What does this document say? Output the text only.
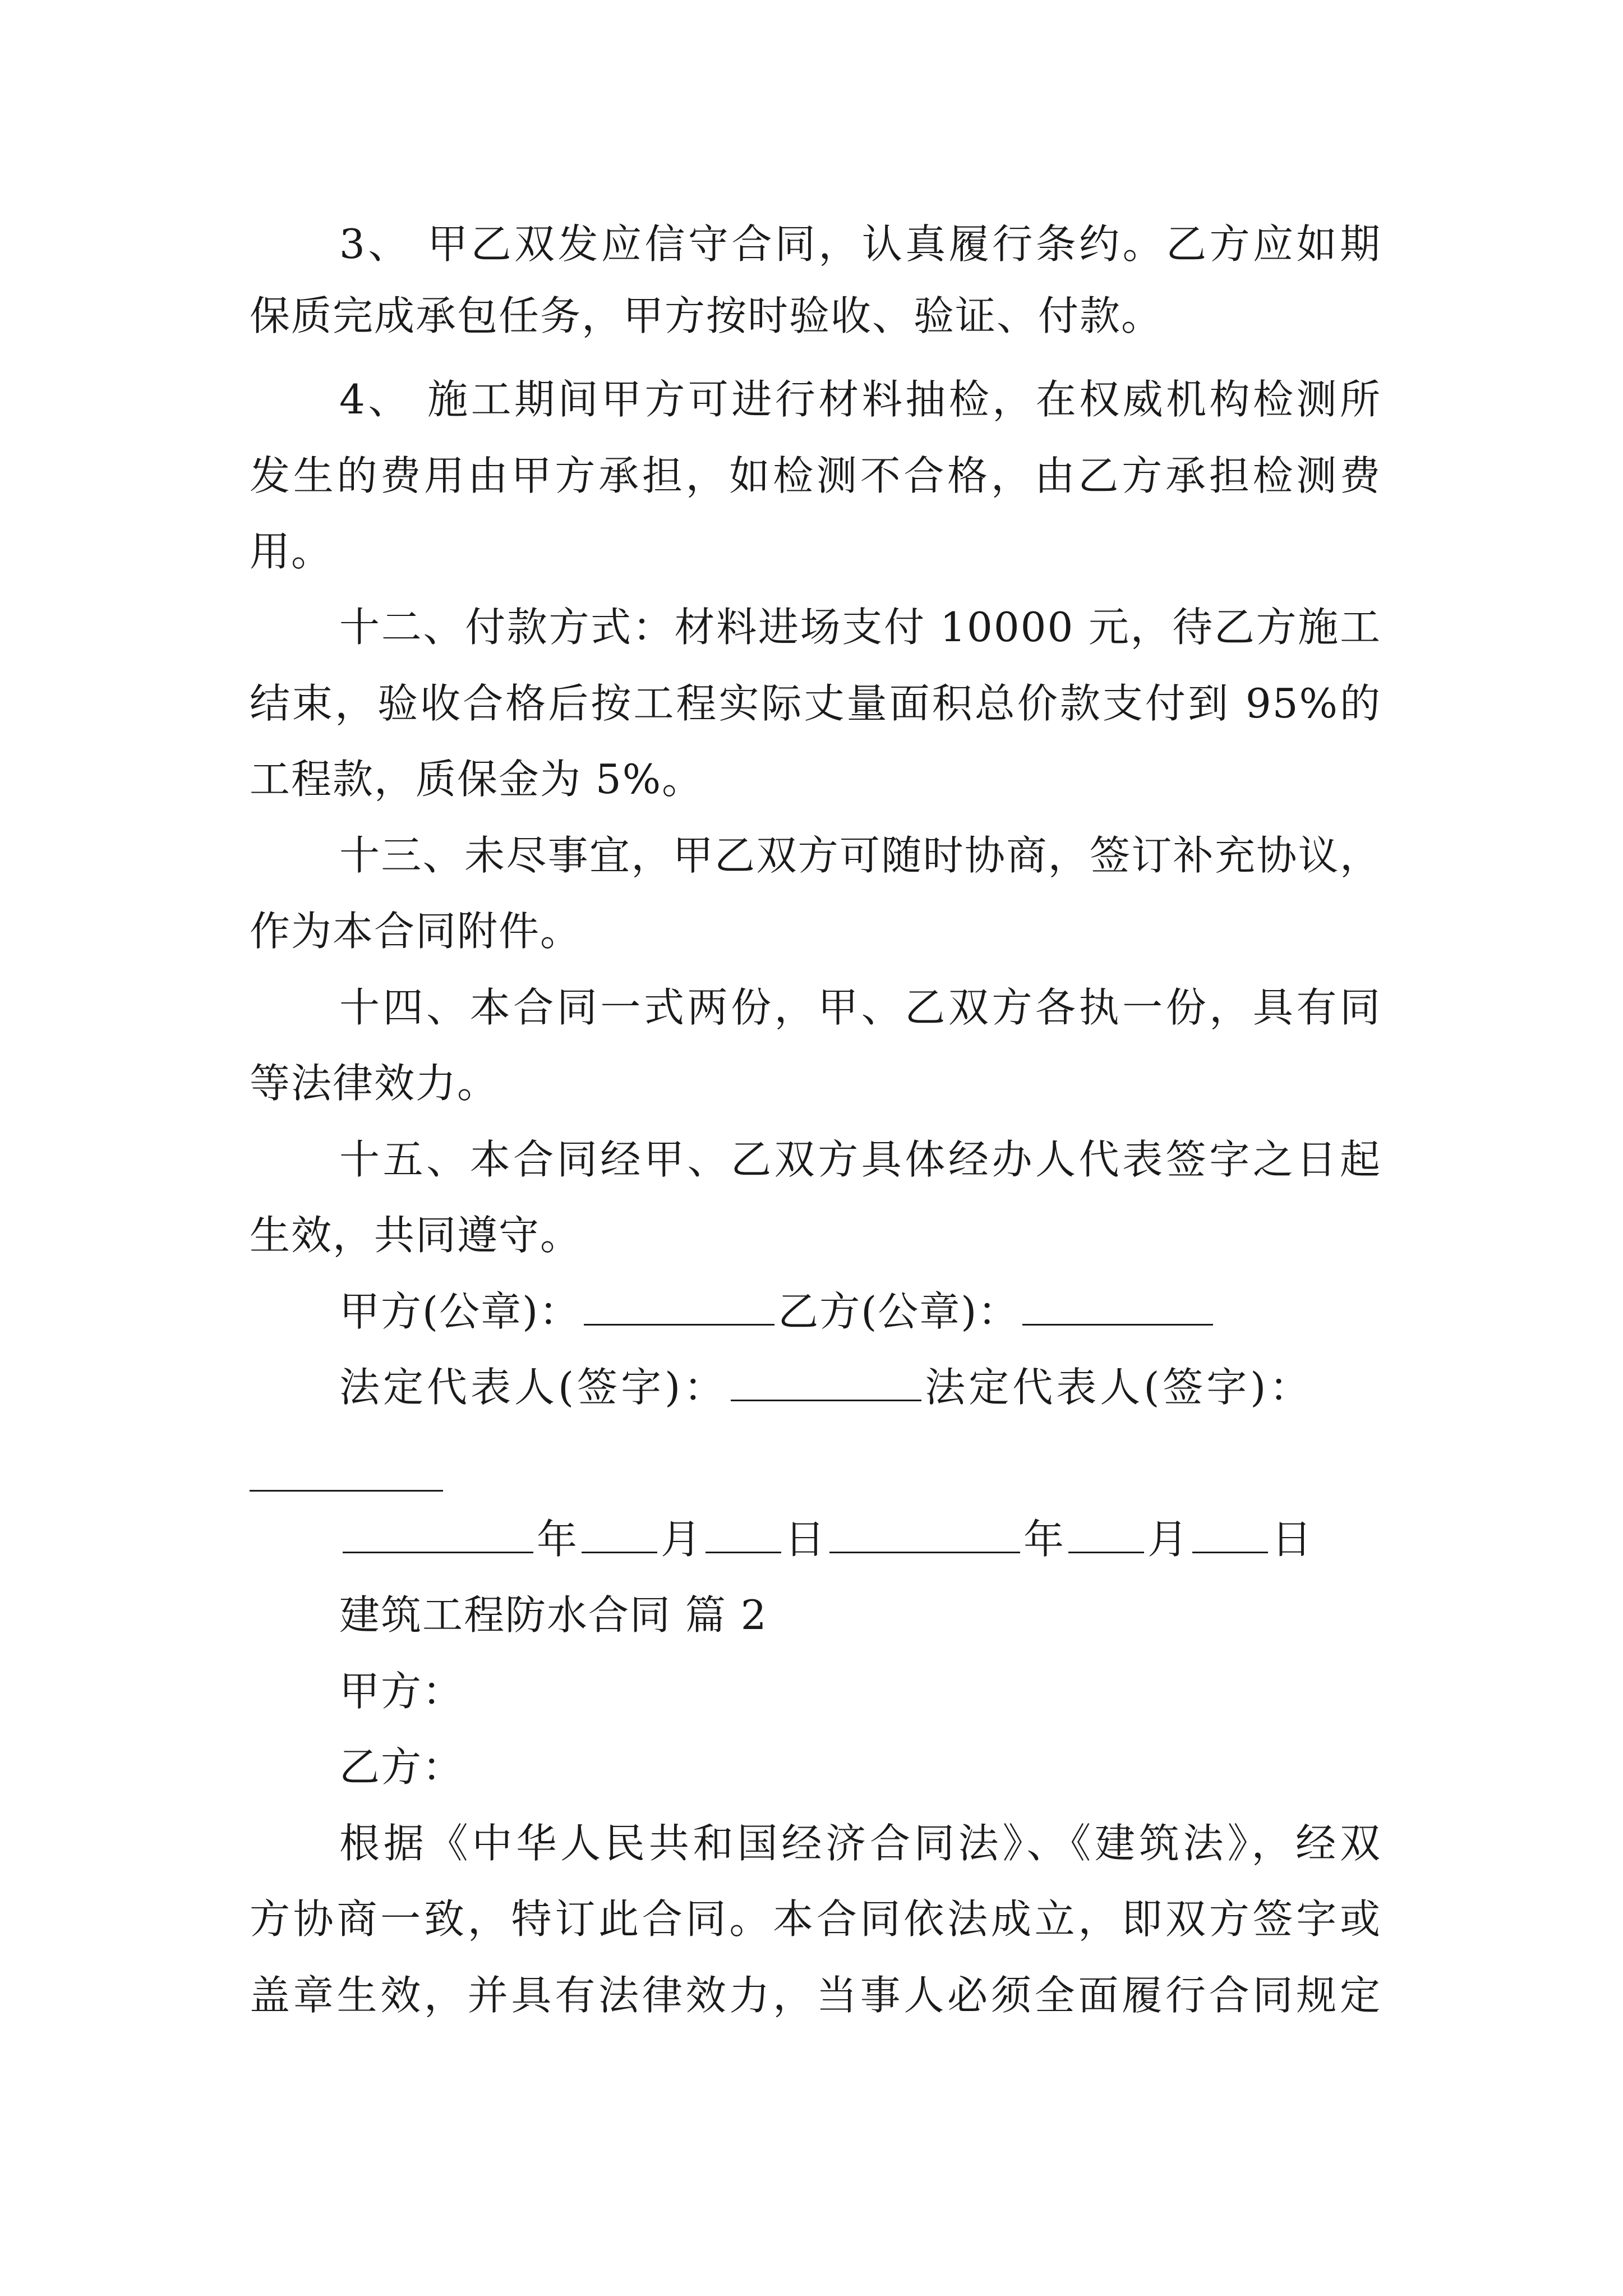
3、 甲乙双发应信守合同，认真履行条约。乙方应如期
保质完成承包任务，甲方按时验收、验证、付款。
4、 施工期间甲方可进行材料抽检，在权威机构检测所
发生的费用由甲方承担，如检测不合格，由乙方承担检测费
用。
十二、付款方式：材料进场支付 10000 元，待乙方施工
结束，验收合格后按工程实际丈量面积总价款支付到 95%的
工程款，质保金为 5%。
十三、未尽事宜，甲乙双方可随时协商，签订补充协议，
作为本合同附件。
十四、本合同一式两份，甲、乙双方各执一份，具有同
等法律效力。
十五、本合同经甲、乙双方具体经办人代表签字之日起
生效，共同遵守。
甲方(公章)：	乙方(公章)：
法定代表人(签字)：	法定代表人(签字)：
年 月 日	年 月 日
建筑工程防水合同 篇 2
甲方：
乙方：
根据《中华人民共和国经济合同法》、《建筑法》，经双
方协商一致，特订此合同。本合同依法成立，即双方签字或
盖章生效，并具有法律效力，当事人必须全面履行合同规定
